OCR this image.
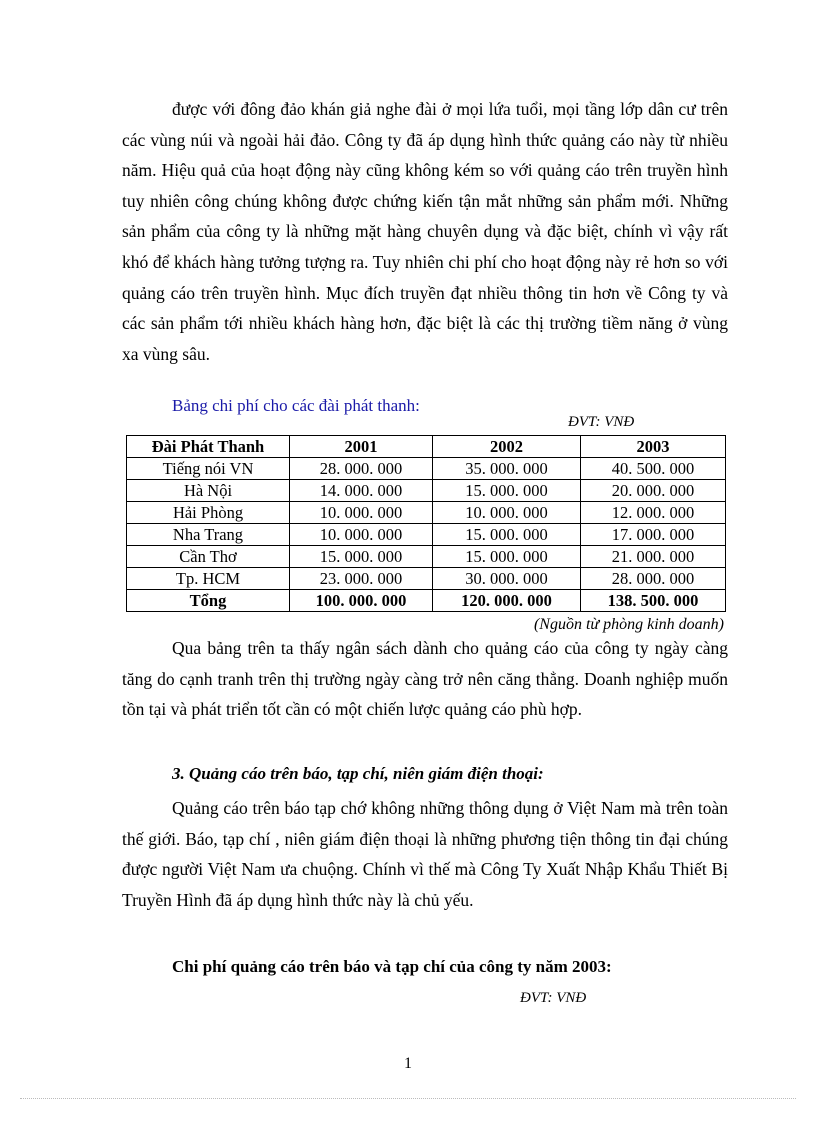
được với đông đảo khán giả nghe đài ở mọi lứa tuổi, mọi tầng lớp dân cư trên các vùng núi và ngoài hải đảo. Công ty đã áp dụng hình thức quảng cáo này từ nhiều năm. Hiệu quả của hoạt động này cũng không kém so với quảng cáo trên truyền hình tuy nhiên công chúng không được chứng kiến tận mắt những sản phẩm mới. Những sản phẩm của công ty là những mặt hàng chuyên dụng và đặc biệt, chính vì vậy rất khó để khách hàng tưởng tượng ra. Tuy nhiên chi phí cho hoạt động này rẻ hơn so với quảng cáo trên truyền hình. Mục đích truyền đạt nhiều thông tin hơn về Công ty và các sản phẩm tới nhiều khách hàng hơn, đặc biệt là các thị trường tiềm năng ở vùng xa vùng sâu.

Bảng chi phí cho các đài phát thanh:

ĐVT: VNĐ

Đài Phát Thanh	2001	2002	2003
Tiếng nói VN	28. 000. 000	35. 000. 000	40. 500. 000
Hà Nội	14. 000. 000	15. 000. 000	20. 000. 000
Hải Phòng	10. 000. 000	10. 000. 000	12. 000. 000
Nha Trang	10. 000. 000	15. 000. 000	17. 000. 000
Cần Thơ	15. 000. 000	15. 000. 000	21. 000. 000
Tp. HCM	23. 000. 000	30. 000. 000	28. 000. 000
Tổng	100. 000. 000	120. 000. 000	138. 500. 000

(Nguồn từ phòng kinh doanh)

Qua bảng trên ta thấy ngân sách dành cho quảng cáo của công ty ngày càng tăng do cạnh tranh trên thị trường ngày càng trở nên căng thẳng. Doanh nghiệp muốn tồn tại và phát triển tốt cần có một chiến lược quảng cáo phù hợp.

3. Quảng cáo trên báo, tạp chí, niên giám điện thoại:

Quảng cáo trên báo tạp chớ không những thông dụng ở Việt Nam mà trên toàn thế giới. Báo, tạp chí , niên giám điện thoại là những phương tiện thông tin đại chúng được người Việt Nam ưa chuộng. Chính vì thế mà Công Ty Xuất Nhập Khẩu Thiết Bị Truyền Hình đã áp dụng hình thức này là chủ yếu.

Chi phí quảng cáo trên báo và tạp chí của công ty năm 2003:

ĐVT: VNĐ

1
